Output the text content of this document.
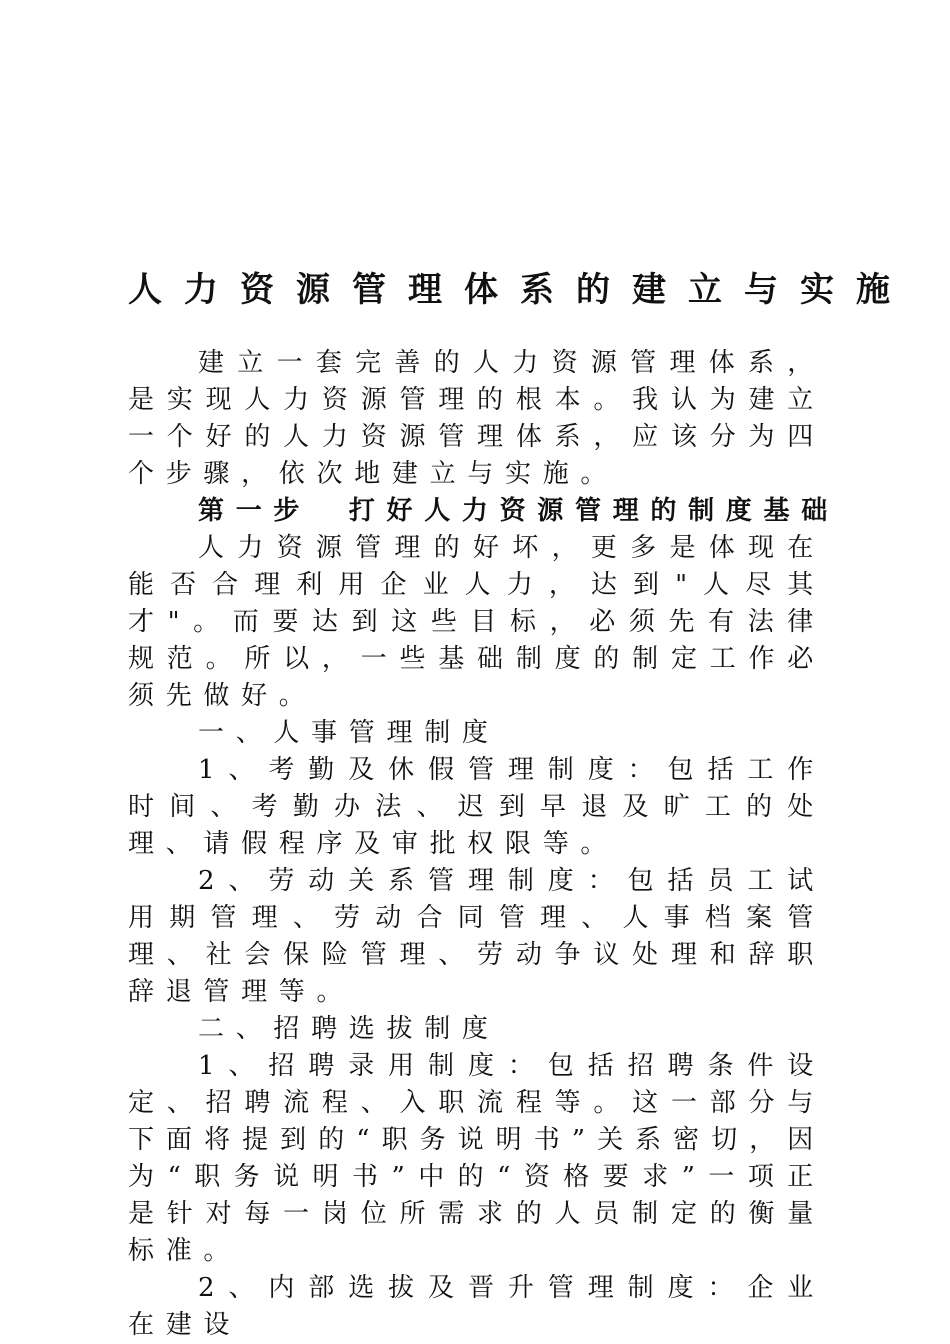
人力资源管理体系的建立与实施

建立一套完善的人力资源管理体系，是实现人力资源管理的根本。我认为建立一个好的人力资源管理体系，应该分为四个步骤，依次地建立与实施。

第一步　打好人力资源管理的制度基础

人力资源管理的好坏，更多是体现在能否合理利用企业人力，达到"人尽其才"。而要达到这些目标，必须先有法律规范。所以，一些基础制度的制定工作必须先做好。

一、人事管理制度

1、考勤及休假管理制度：包括工作时间、考勤办法、迟到早退及旷工的处理、请假程序及审批权限等。

2、劳动关系管理制度：包括员工试用期管理、劳动合同管理、人事档案管理、社会保险管理、劳动争议处理和辞职辞退管理等。

二、招聘选拔制度

1、招聘录用制度：包括招聘条件设定、招聘流程、入职流程等。这一部分与下面将提到的“职务说明书”关系密切，因为“职务说明书”中的“资格要求”一项正是针对每一岗位所需求的人员制定的衡量标准。

2、内部选拔及晋升管理制度：企业在建设
